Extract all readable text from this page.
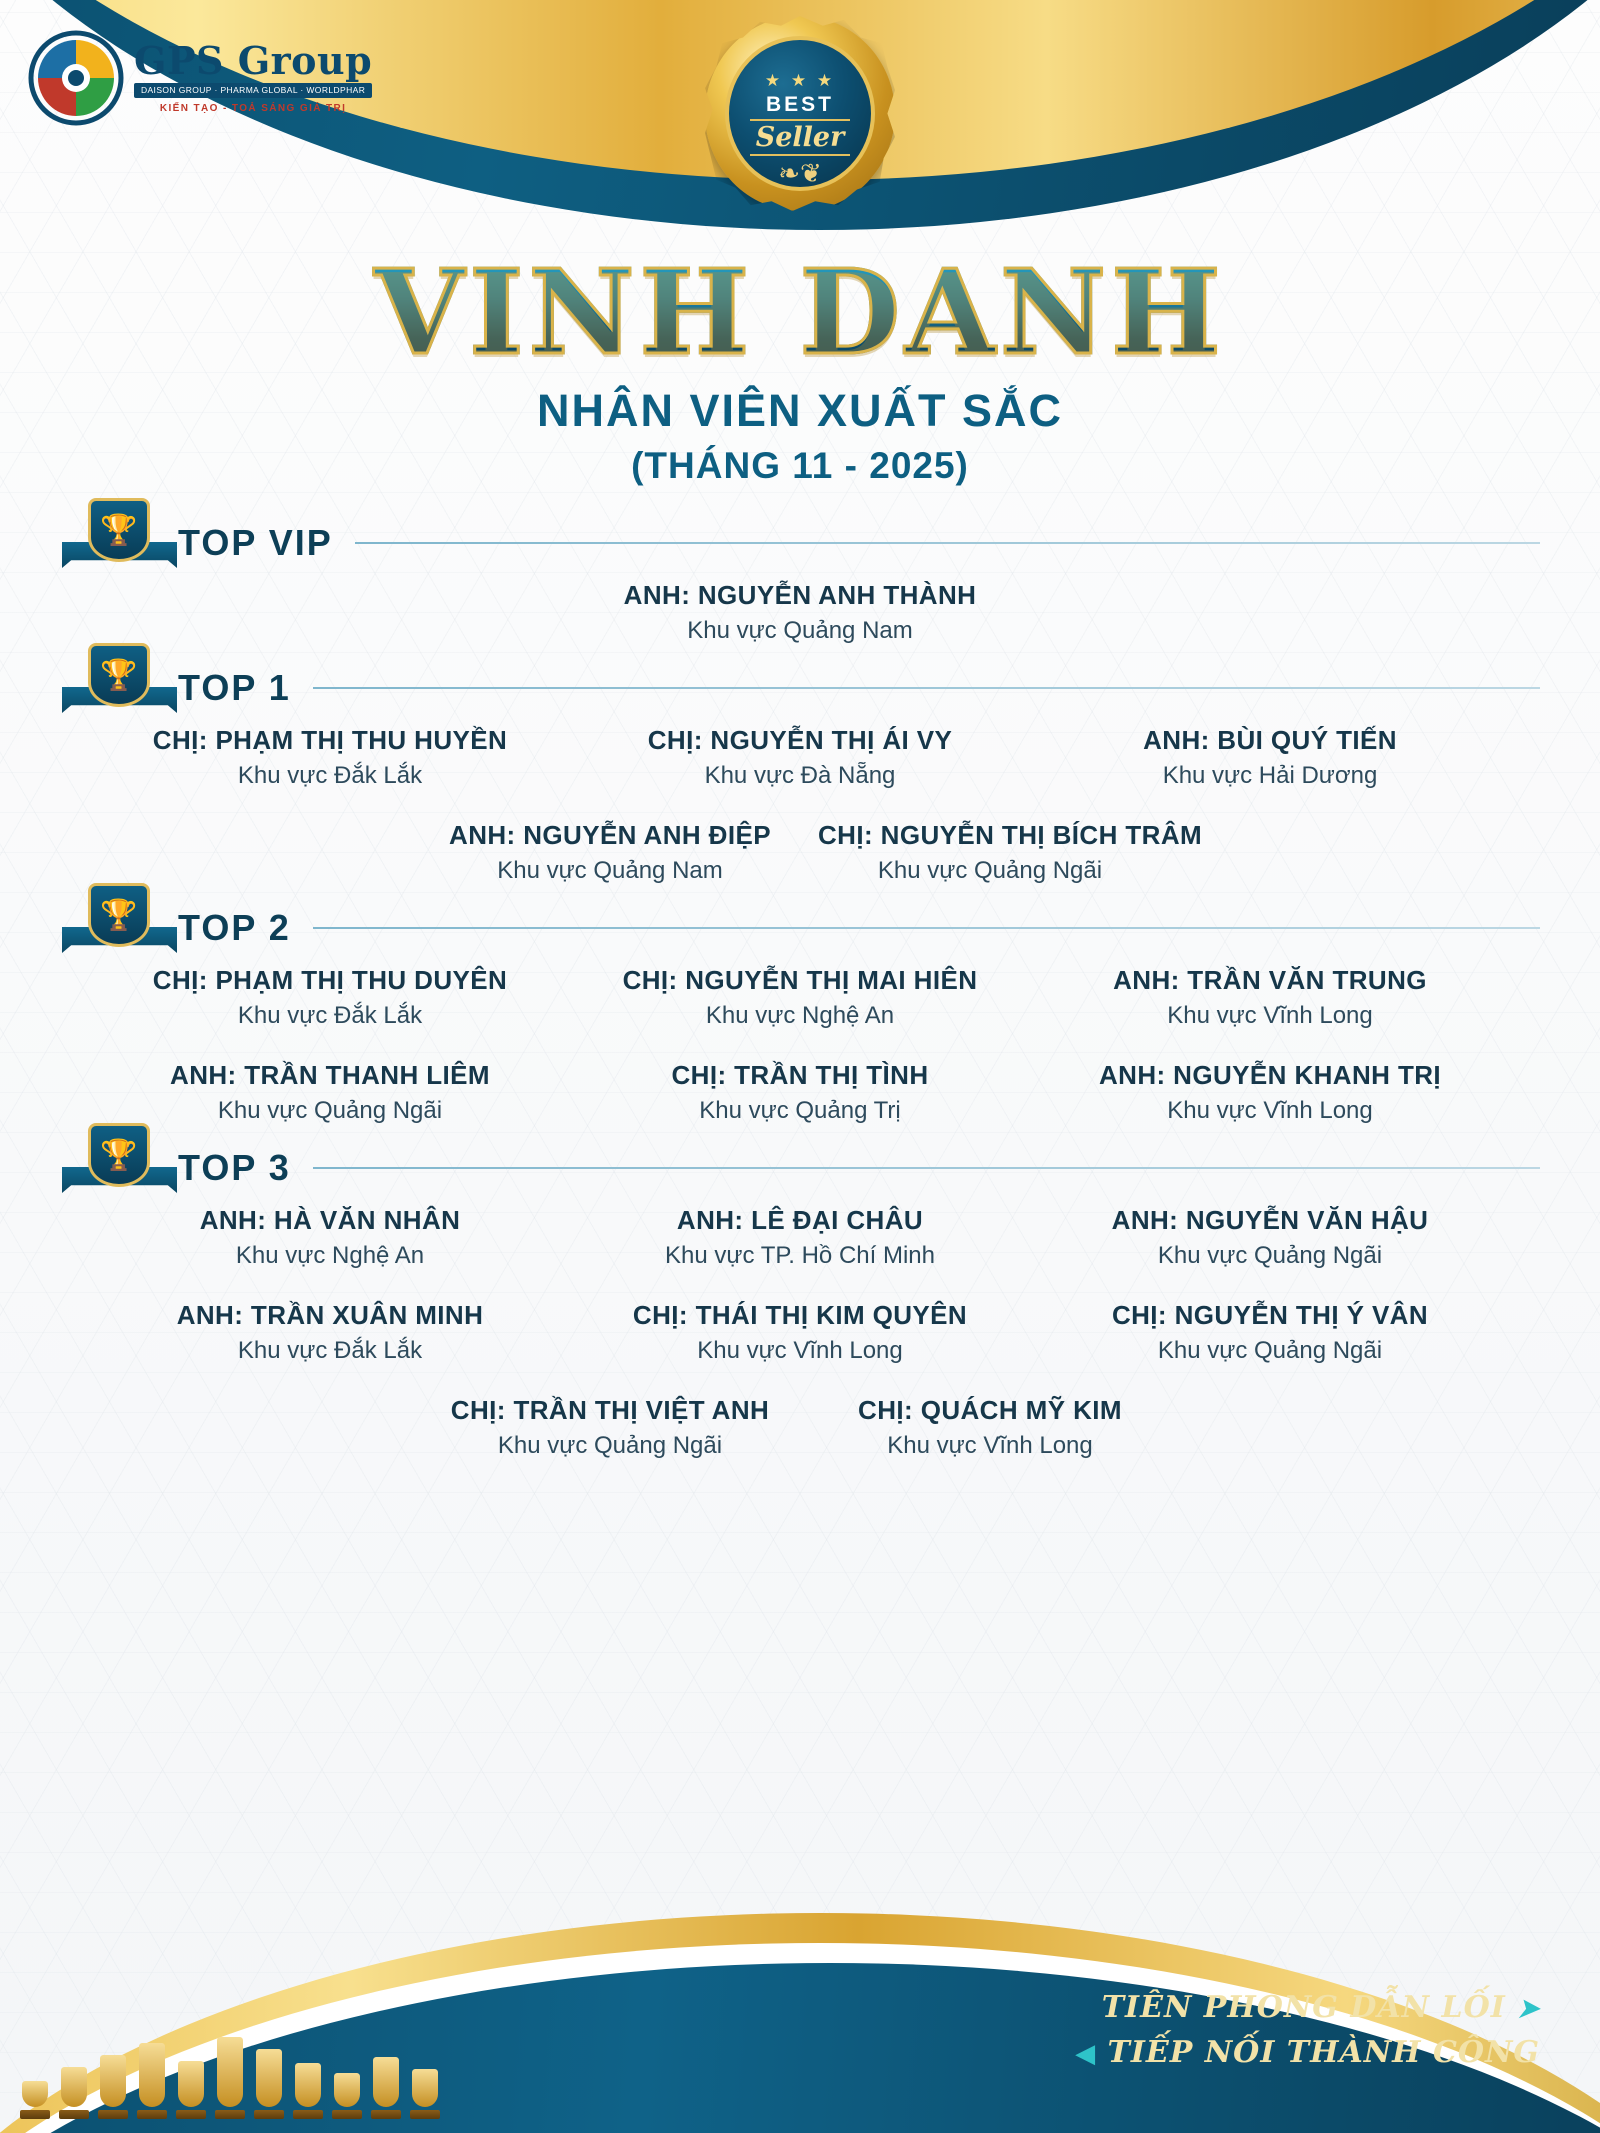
GPS Group
DAISON GROUP · PHARMA GLOBAL · WORLDPHAR
KIẾN TẠO - TOẢ SÁNG GIÁ TRỊ
★ ★ ★
BEST
Seller
❧❦
VINH DANH
NHÂN VIÊN XUẤT SẮC
(THÁNG 11 - 2025)
🏆	TOP VIP
ANH: NGUYỄN ANH THÀNH
Khu vực Quảng Nam
🏆	TOP 1
CHỊ: PHẠM THỊ THU HUYỀN
Khu vực Đắk Lắk
CHỊ: NGUYỄN THỊ ÁI VY
Khu vực Đà Nẵng
ANH: BÙI QUÝ TIẾN
Khu vực Hải Dương
ANH: NGUYỄN ANH ĐIỆP
Khu vực Quảng Nam
CHỊ: NGUYỄN THỊ BÍCH TRÂM
Khu vực Quảng Ngãi
🏆	TOP 2
CHỊ: PHẠM THỊ THU DUYÊN
Khu vực Đắk Lắk
CHỊ: NGUYỄN THỊ MAI HIÊN
Khu vực Nghệ An
ANH: TRẦN VĂN TRUNG
Khu vực Vĩnh Long
ANH: TRẦN THANH LIÊM
Khu vực Quảng Ngãi
CHỊ: TRẦN THỊ TÌNH
Khu vực Quảng Trị
ANH: NGUYỄN KHANH TRỊ
Khu vực Vĩnh Long
🏆	TOP 3
ANH: HÀ VĂN NHÂN
Khu vực Nghệ An
ANH: LÊ ĐẠI CHÂU
Khu vực TP. Hồ Chí Minh
ANH: NGUYỄN VĂN HẬU
Khu vực Quảng Ngãi
ANH: TRẦN XUÂN MINH
Khu vực Đắk Lắk
CHỊ: THÁI THỊ KIM QUYÊN
Khu vực Vĩnh Long
CHỊ: NGUYỄN THỊ Ý VÂN
Khu vực Quảng Ngãi
CHỊ: TRẦN THỊ VIỆT ANH
Khu vực Quảng Ngãi
CHỊ: QUÁCH MỸ KIM
Khu vực Vĩnh Long
TIÊN PHONG DẪN LỐI ➤
◀ TIẾP NỐI THÀNH CÔNG
